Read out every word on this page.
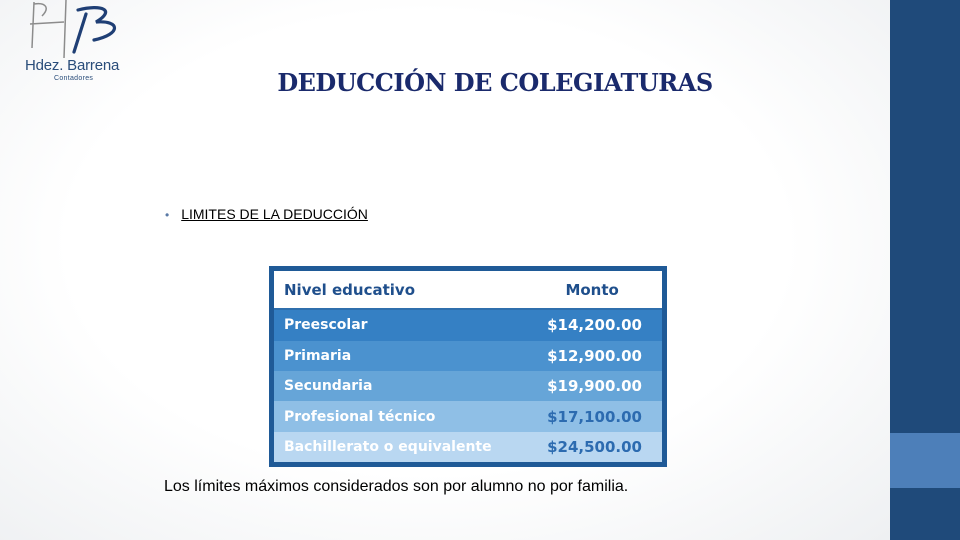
Hdez. Barrena
Contadores	DEDUCCIÓN DE COLEGIATURAS
• LIMITES DE LA DEDUCCIÓN
Nivel educativo	Monto
Preescolar	$14,200.00
Primaria	$12,900.00
Secundaria	$19,900.00
Profesional técnico	$17,100.00
Bachillerato o equivalente	$24,500.00
Los límites máximos considerados son por alumno no por familia.
